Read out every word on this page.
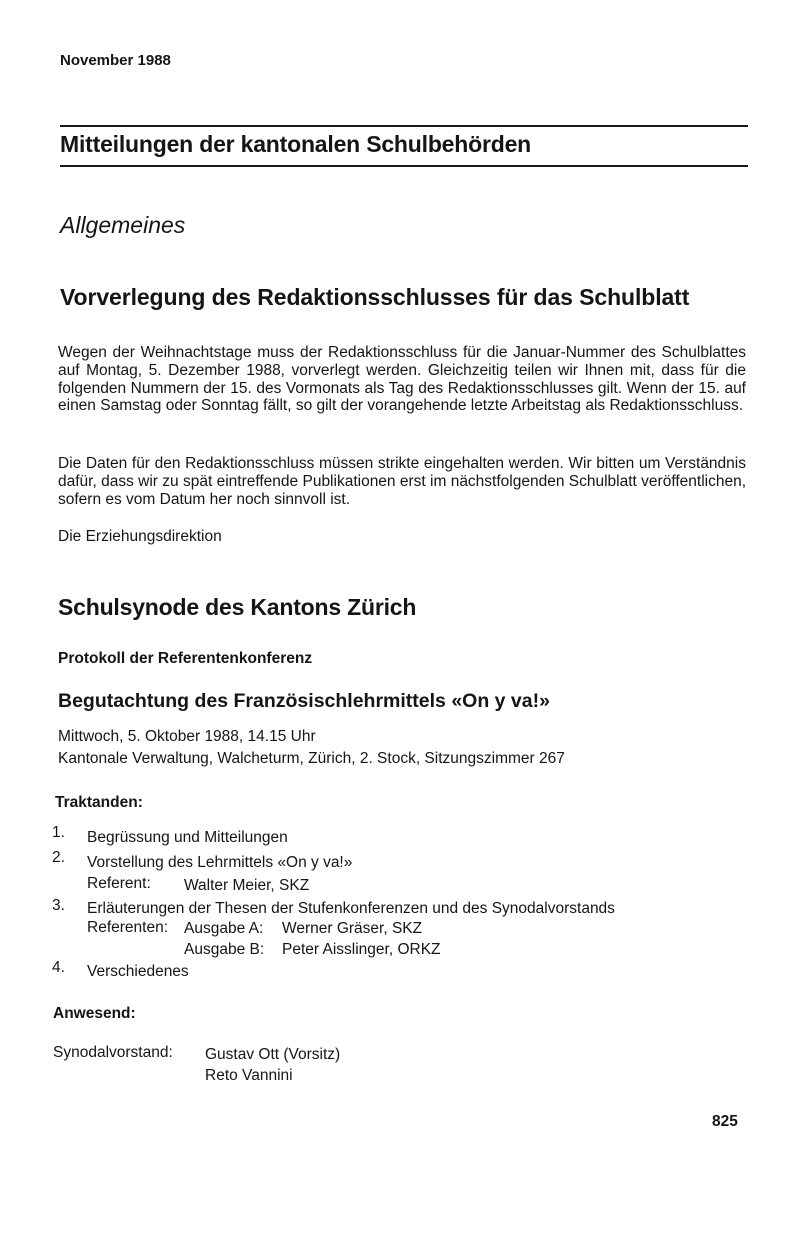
November 1988
Mitteilungen der kantonalen Schulbehörden
Allgemeines
Vorverlegung des Redaktionsschlusses für das Schulblatt
Wegen der Weihnachtstage muss der Redaktionsschluss für die Januar-Nummer des Schulblattes auf Montag, 5. Dezember 1988, vorverlegt werden. Gleichzeitig teilen wir Ihnen mit, dass für die folgenden Nummern der 15. des Vormonats als Tag des Redaktionsschlusses gilt. Wenn der 15. auf einen Samstag oder Sonntag fällt, so gilt der vorangehende letzte Arbeitstag als Redaktionsschluss.
Die Daten für den Redaktionsschluss müssen strikte eingehalten werden. Wir bitten um Verständnis dafür, dass wir zu spät eintreffende Publikationen erst im nächstfolgenden Schulblatt veröffentlichen, sofern es vom Datum her noch sinnvoll ist.
Die Erziehungsdirektion
Schulsynode des Kantons Zürich
Protokoll der Referentenkonferenz
Begutachtung des Französischlehrmittels «On y va!»
Mittwoch, 5. Oktober 1988, 14.15 Uhr
Kantonale Verwaltung, Walcheturm, Zürich, 2. Stock, Sitzungszimmer 267
Traktanden:
1. Begrüssung und Mitteilungen
2. Vorstellung des Lehrmittels «On y va!»
Referent: Walter Meier, SKZ
3. Erläuterungen der Thesen der Stufenkonferenzen und des Synodalvorstands
Referenten: Ausgabe A: Werner Gräser, SKZ
Ausgabe B: Peter Aisslinger, ORKZ
4. Verschiedenes
Anwesend:
Synodalvorstand: Gustav Ott (Vorsitz)
Reto Vannini
825
